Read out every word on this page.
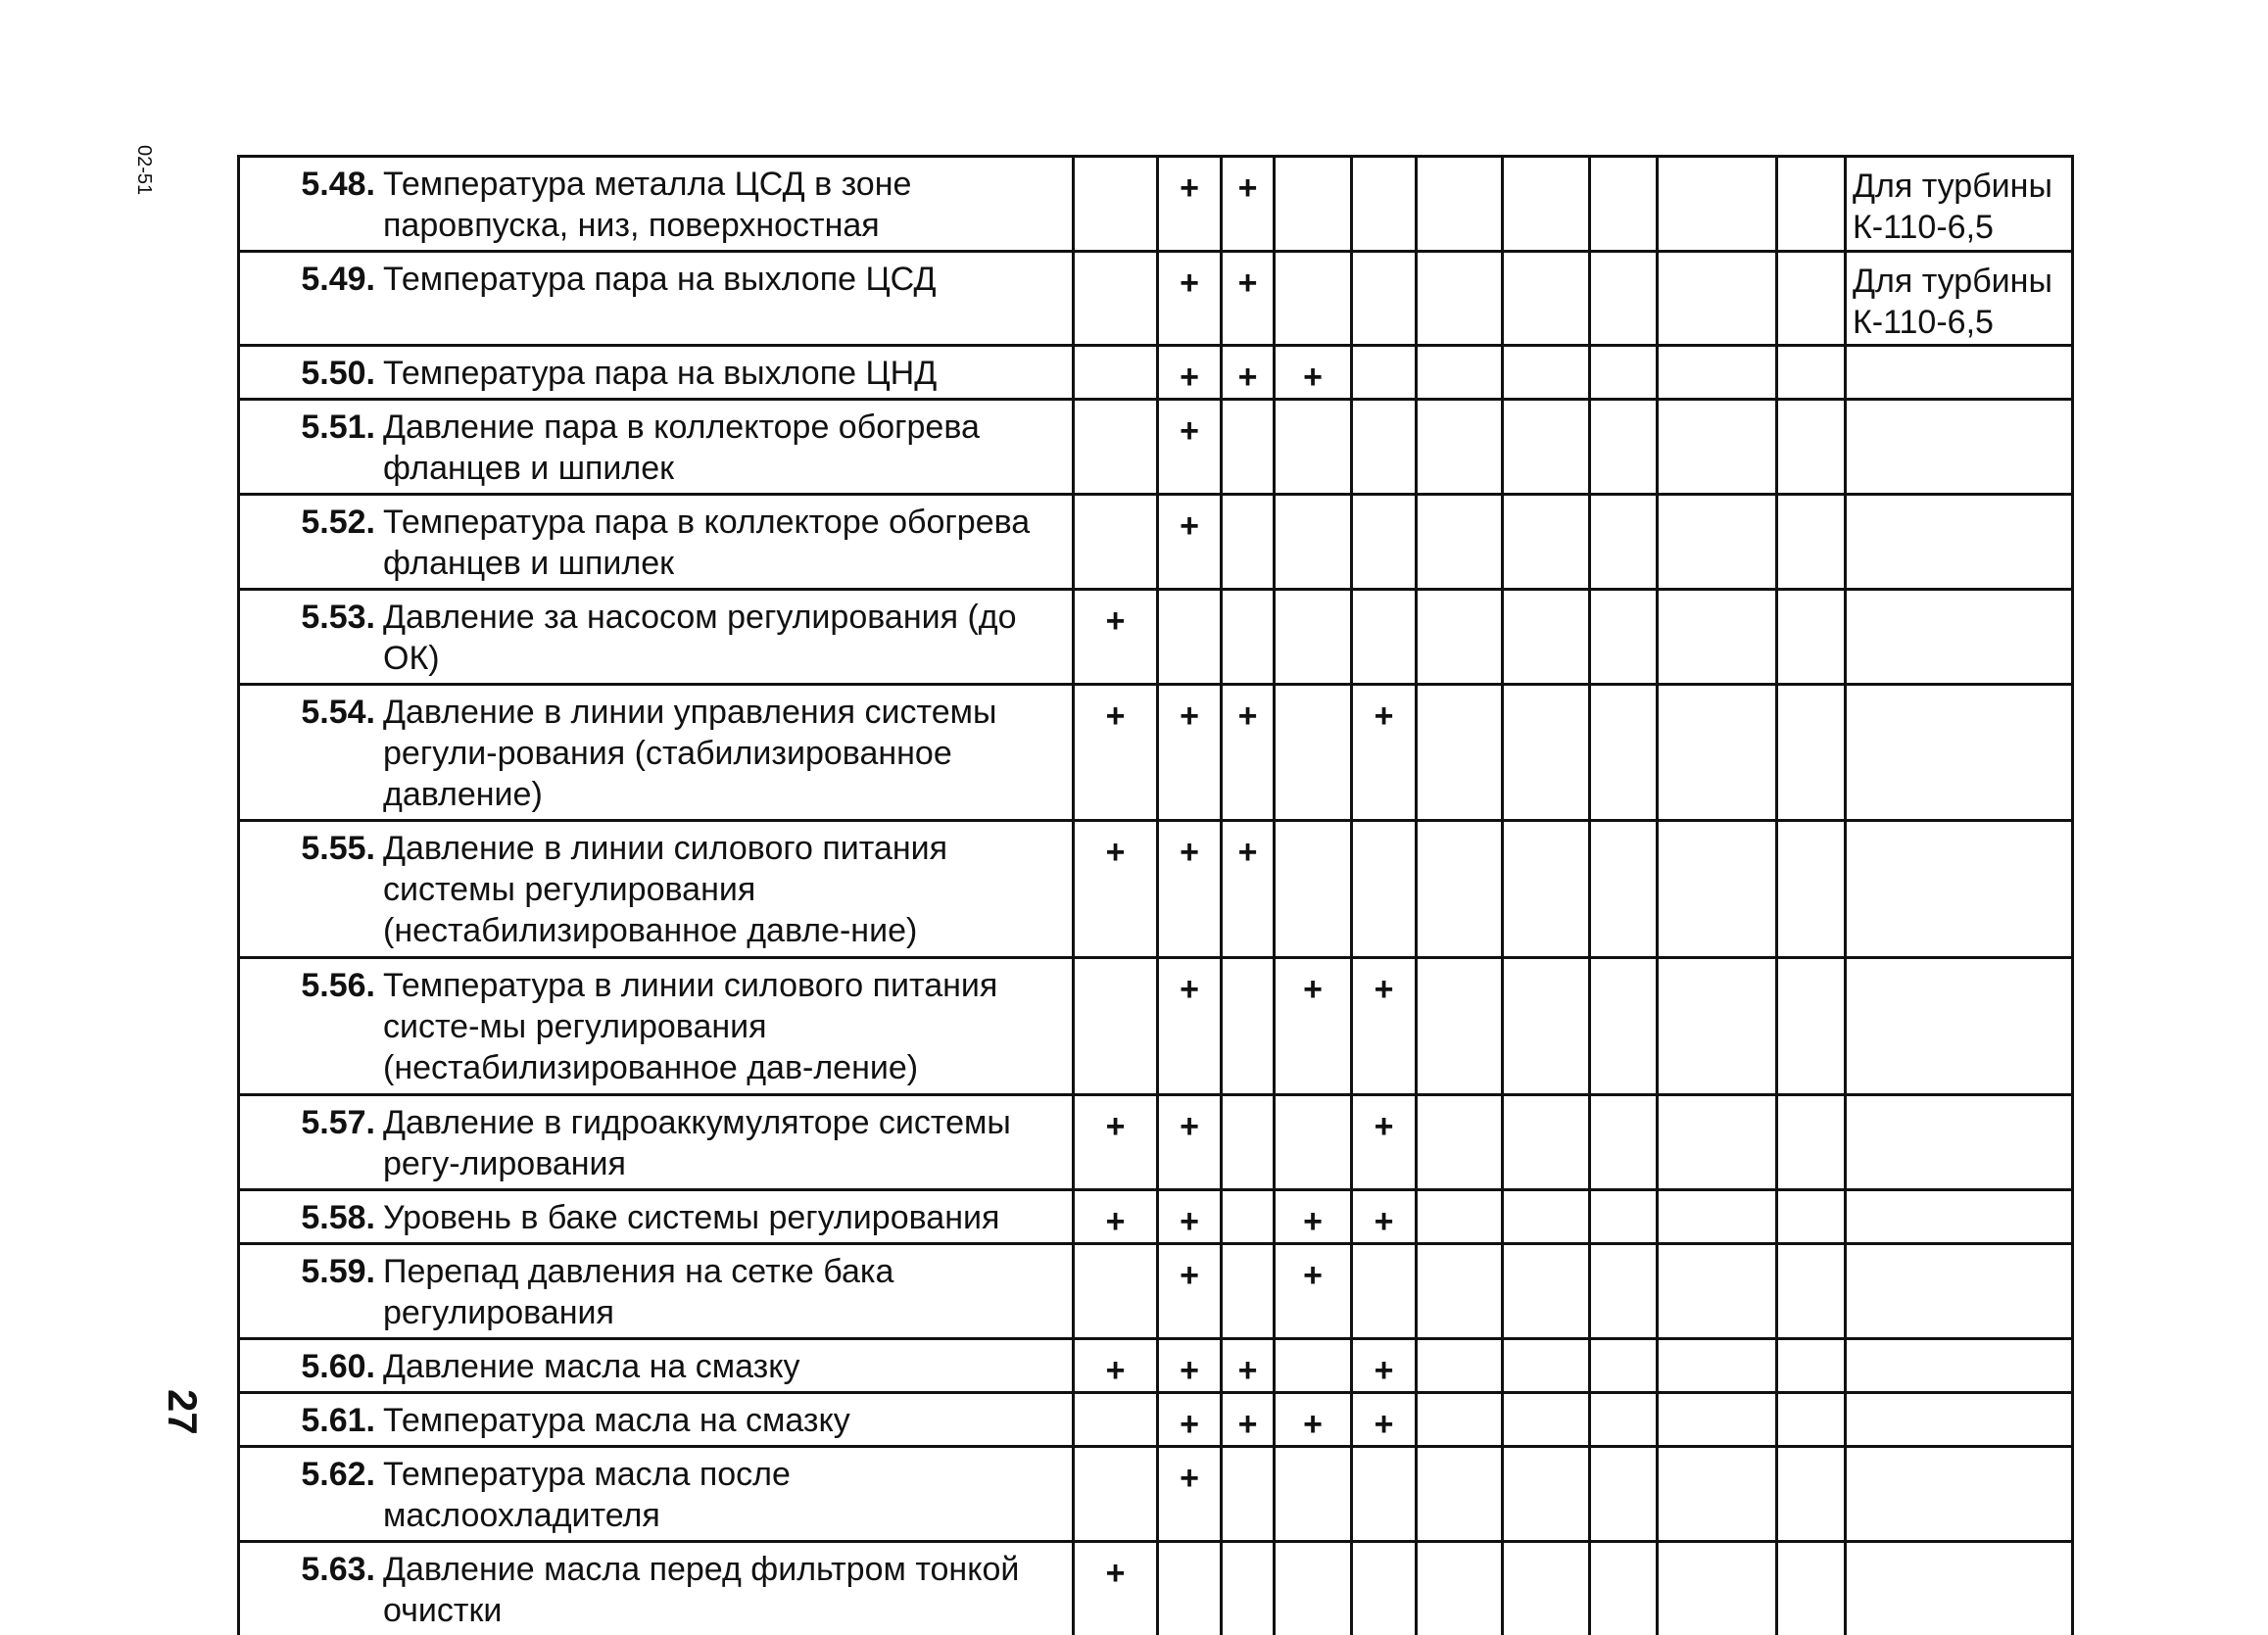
02-51
27
5.48. Температура металла ЦСД в зоне паровпуска, низ, поверхностная		+	+								Для турбины
К-110-6,5

5.49. Температура пара на выхлопе ЦСД		+	+								Для турбины
К-110-6,5

5.50. Температура пара на выхлопе ЦНД		+	+	+							

5.51. Давление пара в коллекторе обогрева фланцев и шпилек		+									

5.52. Температура пара в коллекторе обогрева фланцев и шпилек		+									

5.53. Давление за насосом регулирования (до ОК)	+										

5.54. Давление в линии управления системы регули-рования (стабилизированное давление)	+	+	+		+						

5.55. Давление в линии силового питания системы регулирования (нестабилизированное давле-ние)	+	+	+								

5.56. Температура в линии силового питания систе-мы регулирования (нестабилизированное дав-ление)		+		+	+						

5.57. Давление в гидроаккумуляторе системы регу-лирования	+	+			+						

5.58. Уровень в баке системы регулирования	+	+		+	+						

5.59. Перепад давления на сетке бака регулирования		+		+							

5.60. Давление масла на смазку	+	+	+		+						

5.61. Температура масла на смазку		+	+	+	+						

5.62. Температура масла после маслоохладителя		+									

5.63. Давление масла перед фильтром тонкой очистки	+										
